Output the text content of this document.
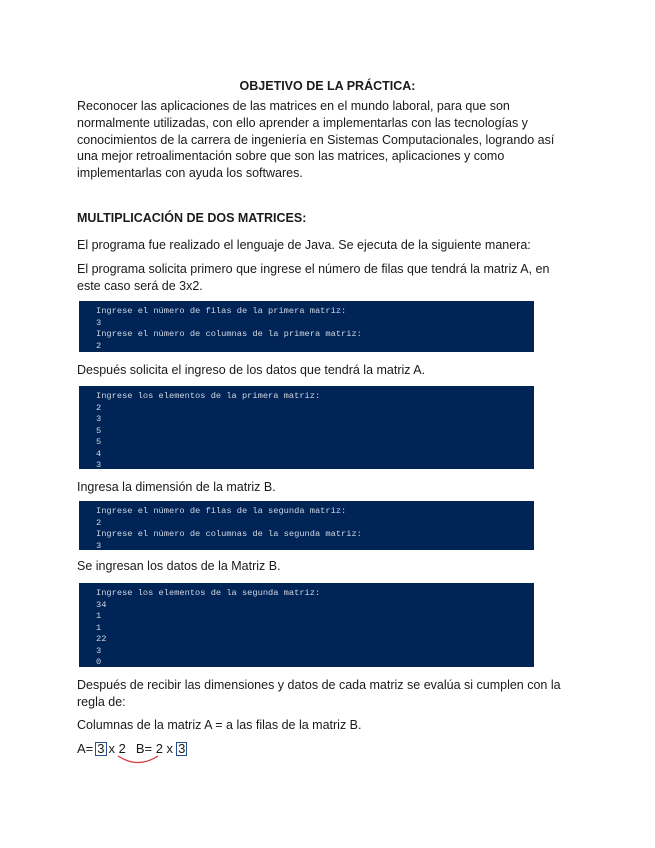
OBJETIVO DE LA PRÁCTICA:
Reconocer las aplicaciones de las matrices en el mundo laboral, para que son
normalmente utilizadas, con ello aprender a implementarlas con las tecnologías y
conocimientos de la carrera de ingeniería en Sistemas Computacionales, logrando así
una mejor retroalimentación sobre que son las matrices, aplicaciones y como
implementarlas con ayuda los softwares.
MULTIPLICACIÓN DE DOS MATRICES:
El programa fue realizado el lenguaje de Java. Se ejecuta de la siguiente manera:
El programa solicita primero que ingrese el número de filas que tendrá la matriz A, en
este caso será de 3x2.
Ingrese el número de filas de la primera matriz:
3
Ingrese el número de columnas de la primera matriz:
2
Después solicita el ingreso de los datos que tendrá la matriz A.
Ingrese los elementos de la primera matriz:
2
3
5
5
4
3
Ingresa la dimensión de la matriz B.
Ingrese el número de filas de la segunda matriz:
2
Ingrese el número de columnas de la segunda matriz:
3
Se ingresan los datos de la Matriz B.
Ingrese los elementos de la segunda matriz:
34
1
1
22
3
0
Después de recibir las dimensiones y datos de cada matriz se evalúa si cumplen con la
regla de:
Columnas de la matriz A = a las filas de la matriz B.
A= 3 x 2 B= 2 x 3
